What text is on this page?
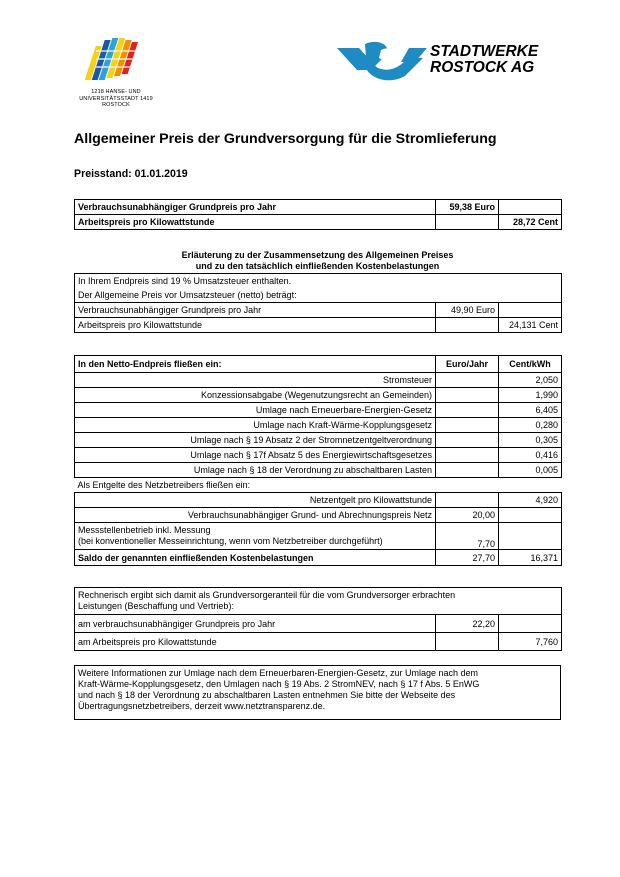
1218 HANSE- UND
UNIVERSITÄTSSTADT 1419
ROSTOCK
STADTWERKE
ROSTOCK AG
Allgemeiner Preis der Grundversorgung für die Stromlieferung
Preisstand: 01.01.2019
Verbrauchsunabhängiger Grundpreis pro Jahr	59,38 Euro	
Arbeitspreis pro Kilowattstunde		28,72 Cent
Erläuterung zu der Zusammensetzung des Allgemeinen Preises
und zu den tatsächlich einfließenden Kostenbelastungen
In Ihrem Endpreis sind 19 % Umsatzsteuer enthalten.		
Der Allgemeine Preis vor Umsatzsteuer (netto) beträgt:		
Verbrauchsunabhängiger Grundpreis pro Jahr	49,90 Euro	
Arbeitspreis pro Kilowattstunde		24,131 Cent
In den Netto-Endpreis fließen ein:	Euro/Jahr	Cent/kWh
Stromsteuer		2,050
Konzessionsabgabe (Wegenutzungsrecht an Gemeinden)		1,990
Umlage nach Erneuerbare-Energien-Gesetz		6,405
Umlage nach Kraft-Wärme-Kopplungsgesetz		0,280
Umlage nach § 19 Absatz 2 der Stromnetzentgeltverordnung		0,305
Umlage nach § 17f Absatz 5 des Energiewirtschaftsgesetzes		0,416
Umlage nach § 18 der Verordnung zu abschaltbaren Lasten		0,005
Als Entgelte des Netzbetreibers fließen ein:		
Netzentgelt pro Kilowattstunde		4,920
Verbrauchsunabhängiger Grund- und Abrechnungspreis Netz	20,00	

Messstellenbetrieb inkl. Messung
(bei konventioneller Messeinrichtung, wenn vom Netzbetreiber durchgeführt)	7,70	
Saldo der genannten einfließenden Kostenbelastungen	27,70	16,371
Rechnerisch ergibt sich damit als Grundversorgeranteil für die vom Grundversorger erbrachten
Leistungen (Beschaffung und Vertrieb):		

am verbrauchsunabhängiger Grundpreis pro Jahr	22,20	
am Arbeitspreis pro Kilowattstunde		7,760
Weitere Informationen zur Umlage nach dem Erneuerbaren-Energien-Gesetz, zur Umlage nach dem
Kraft-Wärme-Kopplungsgesetz, den Umlagen nach § 19 Abs. 2 StromNEV, nach § 17 f Abs. 5 EnWG
und nach § 18 der Verordnung zu abschaltbaren Lasten entnehmen Sie bitte der Webseite des
Übertragungsnetzbetreibers, derzeit www.netztransparenz.de.
